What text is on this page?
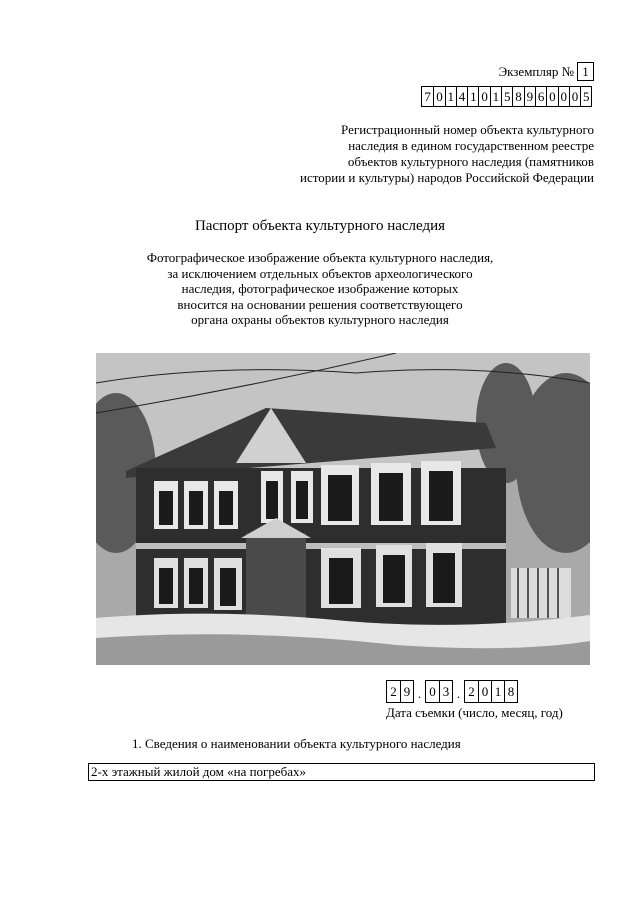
Экземпляр № 1
7 0 1 4 1 0 1 5 8 9 6 0 0 0 5
Регистрационный номер объекта культурного
наследия в едином государственном реестре
объектов культурного наследия (памятников
истории и культуры) народов Российской Федерации
Паспорт объекта культурного наследия
Фотографическое изображение объекта культурного наследия,
за исключением отдельных объектов археологического
наследия, фотографическое изображение которых
вносится на основании решения соответствующего
органа охраны объектов культурного наследия
2 9 . 0 3 . 2 0 1 8
Дата съемки (число, месяц, год)
1. Сведения о наименовании объекта культурного наследия
2-х этажный жилой дом «на погребах»
